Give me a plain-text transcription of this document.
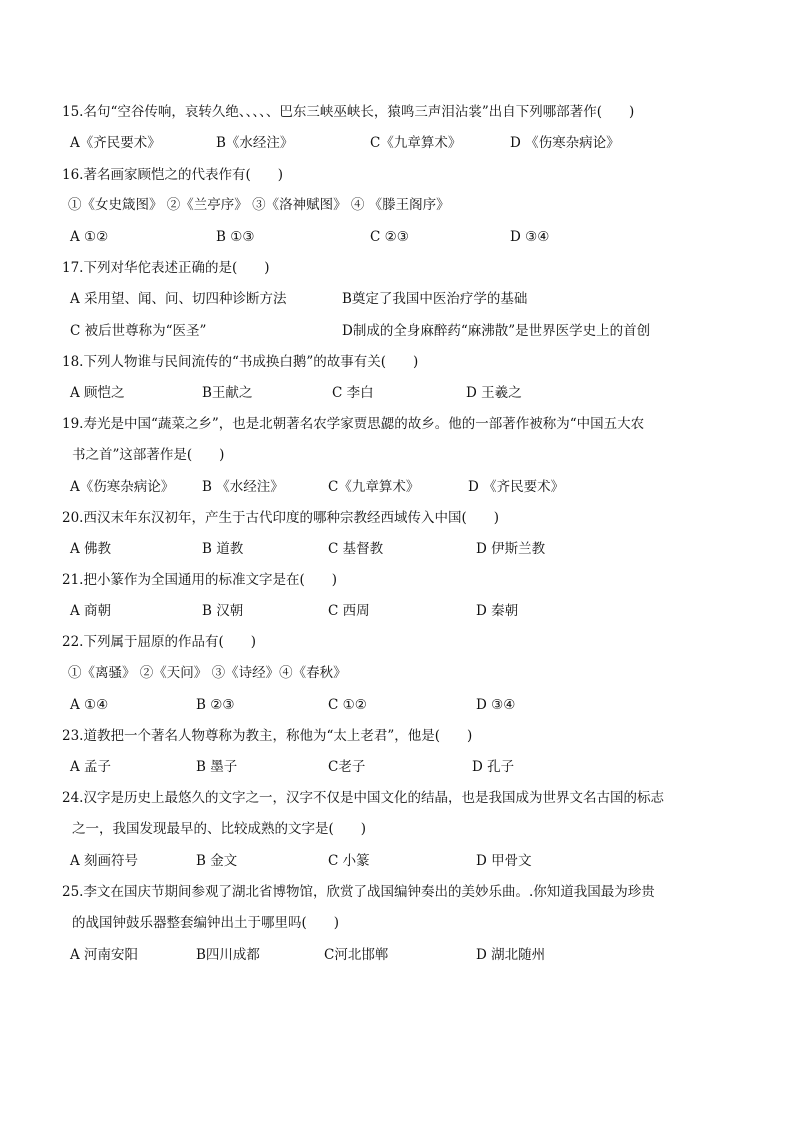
15.名句“空谷传响，哀转久绝、、、、、巴东三峡巫峡长，猿鸣三声泪沾裳”出自下列哪部著作(　　)
A《齐民要术》	B《水经注》	C《九章算术》	D 《伤寒杂病论》
16.著名画家顾恺之的代表作有(　　)
①《女史箴图》 ②《兰亭序》 ③《洛神赋图》 ④ 《滕王阁序》
A ①②	B ①③	C ②③	D ③④
17.下列对华佗表述正确的是(　　)
A 采用望、闻、问、切四种诊断方法	B奠定了我国中医治疗学的基础
C 被后世尊称为“医圣”	D制成的全身麻醉药“麻沸散”是世界医学史上的首创
18.下列人物谁与民间流传的“书成换白鹅”的故事有关(　　)
A 顾恺之	B王献之	C 李白	D 王羲之
19.寿光是中国“蔬菜之乡”，也是北朝著名农学家贾思勰的故乡。他的一部著作被称为“中国五大农
书之首”这部著作是(　　)
A《伤寒杂病论》 B 《水经注》	C《九章算术》	D 《齐民要术》
20.西汉末年东汉初年，产生于古代印度的哪种宗教经西域传入中国(　　)
A 佛教	B 道教	C 基督教	D 伊斯兰教
21.把小篆作为全国通用的标准文字是在(　　)
A 商朝	B 汉朝	C 西周	D 秦朝
22.下列属于屈原的作品有(　　)
①《离骚》 ②《天问》 ③《诗经》④《春秋》
A ①④	B ②③	C ①②	D ③④
23.道教把一个著名人物尊称为教主，称他为“太上老君”，他是(　　)
A 孟子	B 墨子	C老子	D 孔子
24.汉字是历史上最悠久的文字之一，汉字不仅是中国文化的结晶，也是我国成为世界文名古国的标志
之一，我国发现最早的、比较成熟的文字是(　　)
A 刻画符号	B 金文	C 小篆	D 甲骨文
25.李文在国庆节期间参观了湖北省博物馆，欣赏了战国编钟奏出的美妙乐曲。.你知道我国最为珍贵
的战国钟鼓乐器整套编钟出土于哪里吗(　　)
A 河南安阳	B四川成都	C河北邯郸	D 湖北随州
